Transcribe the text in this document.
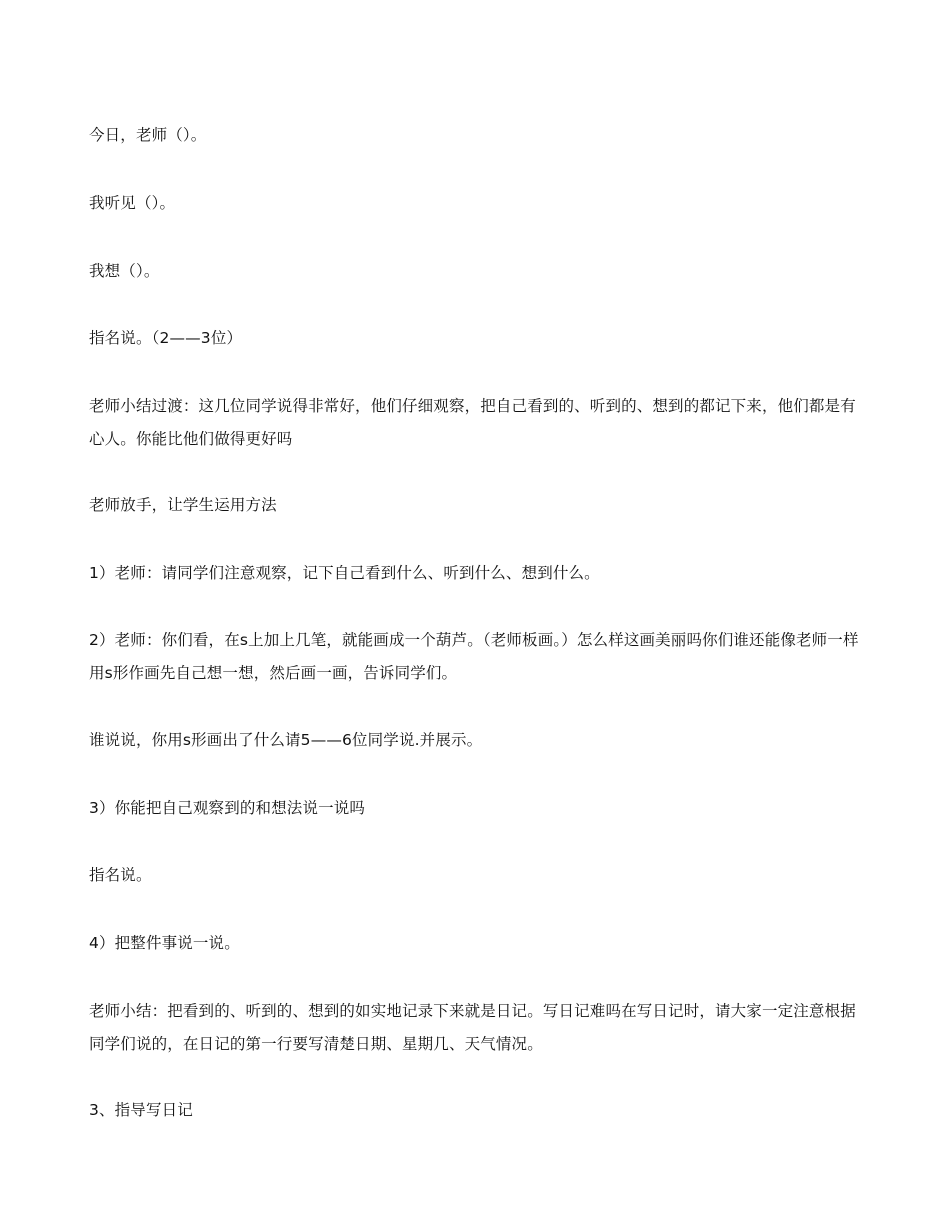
今日，老师（）。

我听见（）。

我想（）。

指名说。（2——3位）

老师小结过渡：这几位同学说得非常好，他们仔细观察，把自己看到的、听到的、想到的都记下来，他们都是有心人。你能比他们做得更好吗

老师放手，让学生运用方法

1）老师：请同学们注意观察，记下自己看到什么、听到什么、想到什么。

2）老师：你们看，在s上加上几笔，就能画成一个葫芦。（老师板画。）怎么样这画美丽吗你们谁还能像老师一样用s形作画先自己想一想，然后画一画，告诉同学们。

谁说说，你用s形画出了什么请5——6位同学说.并展示。

3）你能把自己观察到的和想法说一说吗

指名说。

4）把整件事说一说。

老师小结：把看到的、听到的、想到的如实地记录下来就是日记。写日记难吗在写日记时，请大家一定注意根据同学们说的，在日记的第一行要写清楚日期、星期几、天气情况。

3、指导写日记
